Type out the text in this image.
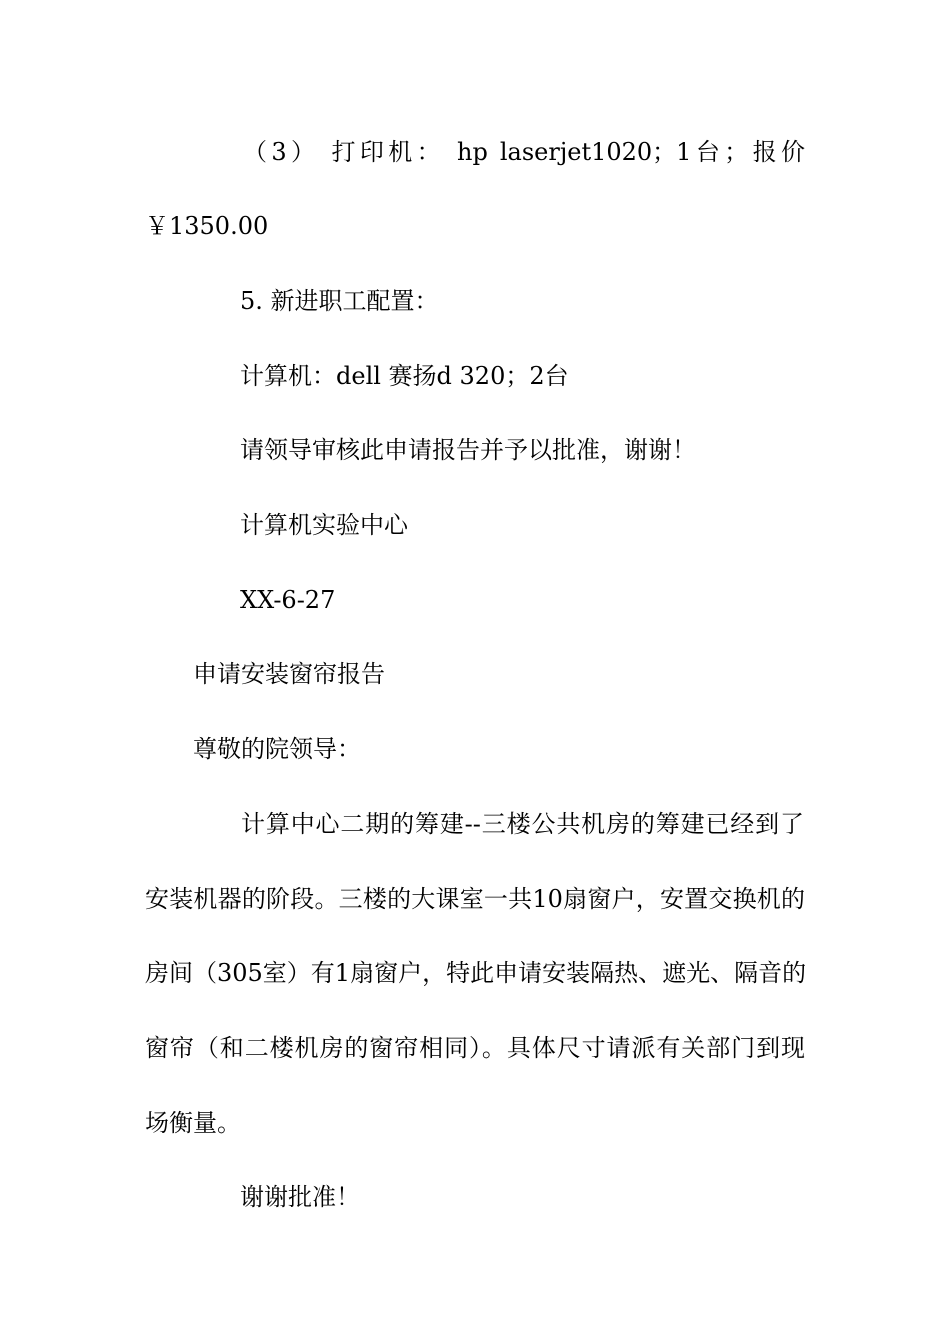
（3） 打印机： hp laserjet1020；1台；报价
￥1350.00
5. 新进职工配置：
计算机：dell 赛扬d 320；2台
请领导审核此申请报告并予以批准，谢谢！
计算机实验中心
XX-6-27
申请安装窗帘报告
尊敬的院领导：
计算中心二期的筹建--三楼公共机房的筹建已经到了
安装机器的阶段。三楼的大课室一共10扇窗户，安置交换机的
房间（305室）有1扇窗户，特此申请安装隔热、遮光、隔音的
窗帘（和二楼机房的窗帘相同）。具体尺寸请派有关部门到现
场衡量。
谢谢批准！
